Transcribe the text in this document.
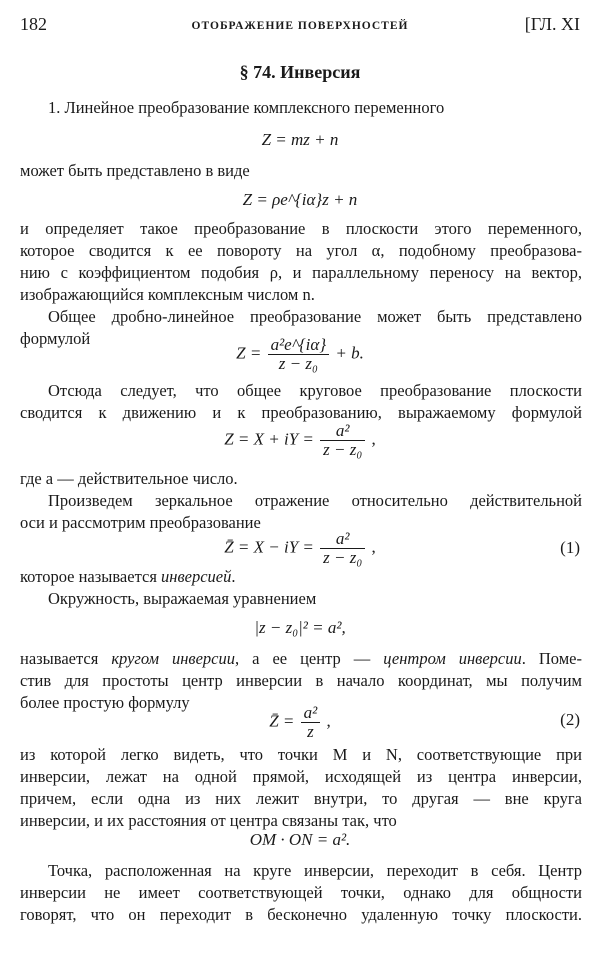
182	ОТОБРАЖЕНИЕ ПОВЕРХНОСТЕЙ	[ГЛ. XI
§ 74. Инверсия
1. Линейное преобразование комплексного переменного
Z = mz + n
может быть представлено в виде
Z = ρe^{iα}z + n
и определяет такое преобразование в плоскости этого переменного,
которое сводится к ее повороту на угол α, подобному преобразова-
нию с коэффициентом подобия ρ, и параллельному переносу на вектор,
изображающийся комплексным числом n.
Общее дробно-линейное преобразование может быть представлено
формулой
$Z = \frac{\text{a²e\textasciicircum{}\{iα\}}}{\text{z − z₀}} + b$.
Отсюда следует, что общее круговое преобразование плоскости
сводится к движению и к преобразованию, выражаемому формулой
Z = X + iY = $\frac{\text{a²}}{\text{z − z₀}}$ ,
где a — действительное число.
Произведем зеркальное отражение относительно действительной
оси и рассмотрим преобразование
Z̄ = X − iY = $\frac{\text{a²}}{\text{z − z₀}}$ ,	(1)
которое называется инверсией.
Окружность, выражаемая уравнением
|z − z₀|² = a²,
называется кругом инверсии, а ее центр — центром инверсии. Поме-
стив для простоты центр инверсии в начало координат, мы получим
более простую формулу
Z̄ = $\frac{\text{a²}}{z}$ ,	(2)
из которой легко видеть, что точки M и N, соответствующие при
инверсии, лежат на одной прямой, исходящей из центра инверсии,
причем, если одна из них лежит внутри, то другая — вне круга
инверсии, и их расстояния от центра связаны так, что
OM · ON = a².
Точка, расположенная на круге инверсии, переходит в себя. Центр
инверсии не имеет соответствующей точки, однако для общности
говорят, что он переходит в бесконечно удаленную точку плоскости.
